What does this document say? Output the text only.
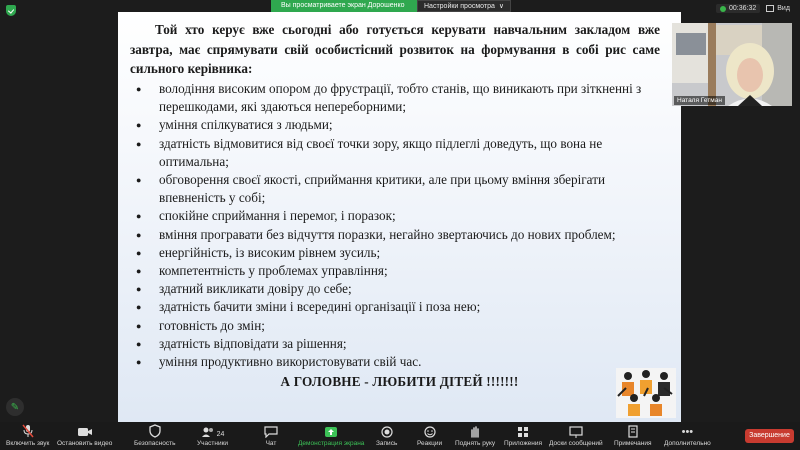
Вы просматриваете экран Дорошенко	Настройки просмотра ∨	00:36:32	Вид
Той хто керує вже сьогодні або готується керувати навчальним закладом вже завтра, має спрямувати свій особистісний розвиток на формування в собі рис саме сильного керівника:
● володіння високим опором до фрустрації, тобто станів, що виникають при зіткненні з перешкодами, які здаються непереборними;
● уміння спілкуватися з людьми;
● здатність відмовитися від своєї точки зору, якщо підлеглі доведуть, що вона не оптимальна;
● обговорення своєї якості, сприймання критики, але при цьому вміння зберігати впевненість у собі;
● спокійне сприймання і перемог, і поразок;
● вміння програвати без відчуття поразки, негайно звертаючись до нових проблем;
● енергійність, із високим рівнем зусиль;
● компетентність у проблемах управління;
● здатний викликати довіру до себе;
● здатність бачити зміни і всередині організації і поза нею;
● готовність до змін;
● здатність відповідати за рішення;
● уміння продуктивно використовувати свій час.
А ГОЛОВНЕ - ЛЮБИТИ ДІТЕЙ !!!!!!!
Наталя Гетман
✎
Включить звук Остановить видео	Безопасность
24
Участники	Чат	Демонстрация экрана Запись	Реакции Поднять руку Приложения Доски сообщений Примечания
•••
Дополнительно
Завершение
